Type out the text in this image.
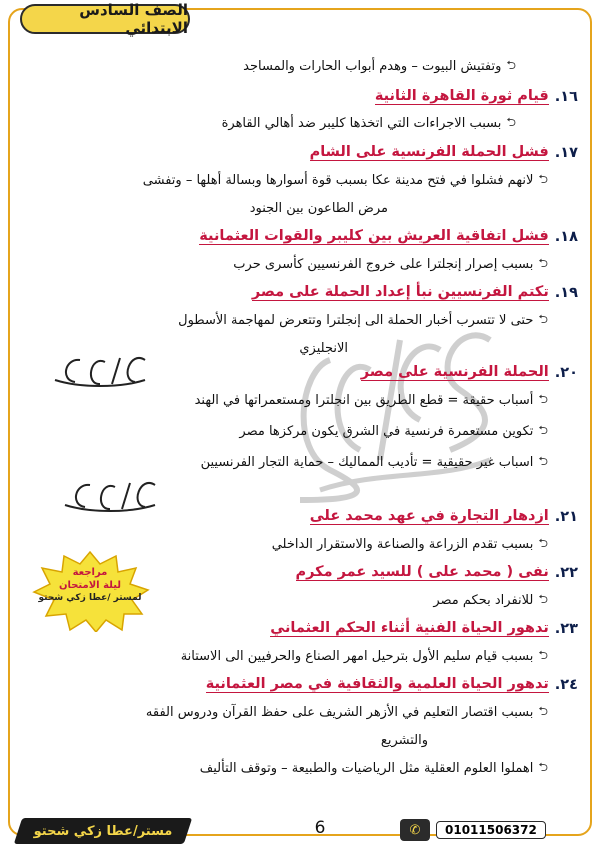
الصف السادس الابتدائي
مراجعة
ليلة الامتحان
لمستر /عطا زكي شحتو
⮌
وتفتيش البيوت – وهدم أبواب الحارات والمساجد
١٦.
قيام ثورة القاهرة الثانية
⮌
بسبب الاجراءات التي اتخذها كليبر ضد أهالي القاهرة
١٧.
فشل الحملة الفرنسية على الشام
⮌
لانهم فشلوا في فتح مدينة عكا بسبب قوة أسوارها وبسالة أهلها – وتفشى
مرض الطاعون بين الجنود
١٨.
فشل اتفاقية العريش بين كليبر والقوات العثمانية
⮌
بسبب إصرار إنجلترا على خروج الفرنسيين كأسرى حرب
١٩.
تكتم الفرنسيين نبأ إعداد الحملة على مصر
⮌
حتى لا تتسرب أخبار الحملة الى إنجلترا وتتعرض لمهاجمة الأسطول
الانجليزي
٢٠.
الحملة الفرنسية على مصر
⮌
أسباب حقيقة = قطع الطريق بين انجلترا ومستعمراتها في الهند
⮌
تكوين مستعمرة فرنسية في الشرق يكون مركزها مصر
⮌
اسباب غير حقيقية = تأديب المماليك – حماية التجار الفرنسيين
٢١.
ازدهار التجارة في عهد محمد على
⮌
بسبب تقدم الزراعة والصناعة والاستقرار الداخلي
٢٢.
نفى ( محمد على ) للسيد عمر مكرم
⮌
للانفراد بحكم مصر
٢٣.
تدهور الحياة الفنية أثناء الحكم العثماني
⮌
بسبب قيام سليم الأول بترحيل امهر الصناع والحرفيين الى الاستانة
٢٤.
تدهور الحياة العلمية والثقافية في مصر العثمانية
⮌
بسبب اقتصار التعليم في الأزهر الشريف على حفظ القرآن ودروس الفقه
والتشريع
⮌
اهملوا العلوم العقلية مثل الرياضيات والطبيعة – وتوقف التأليف
مستر/عطا زكي شحتو	6	01011506372
✆
